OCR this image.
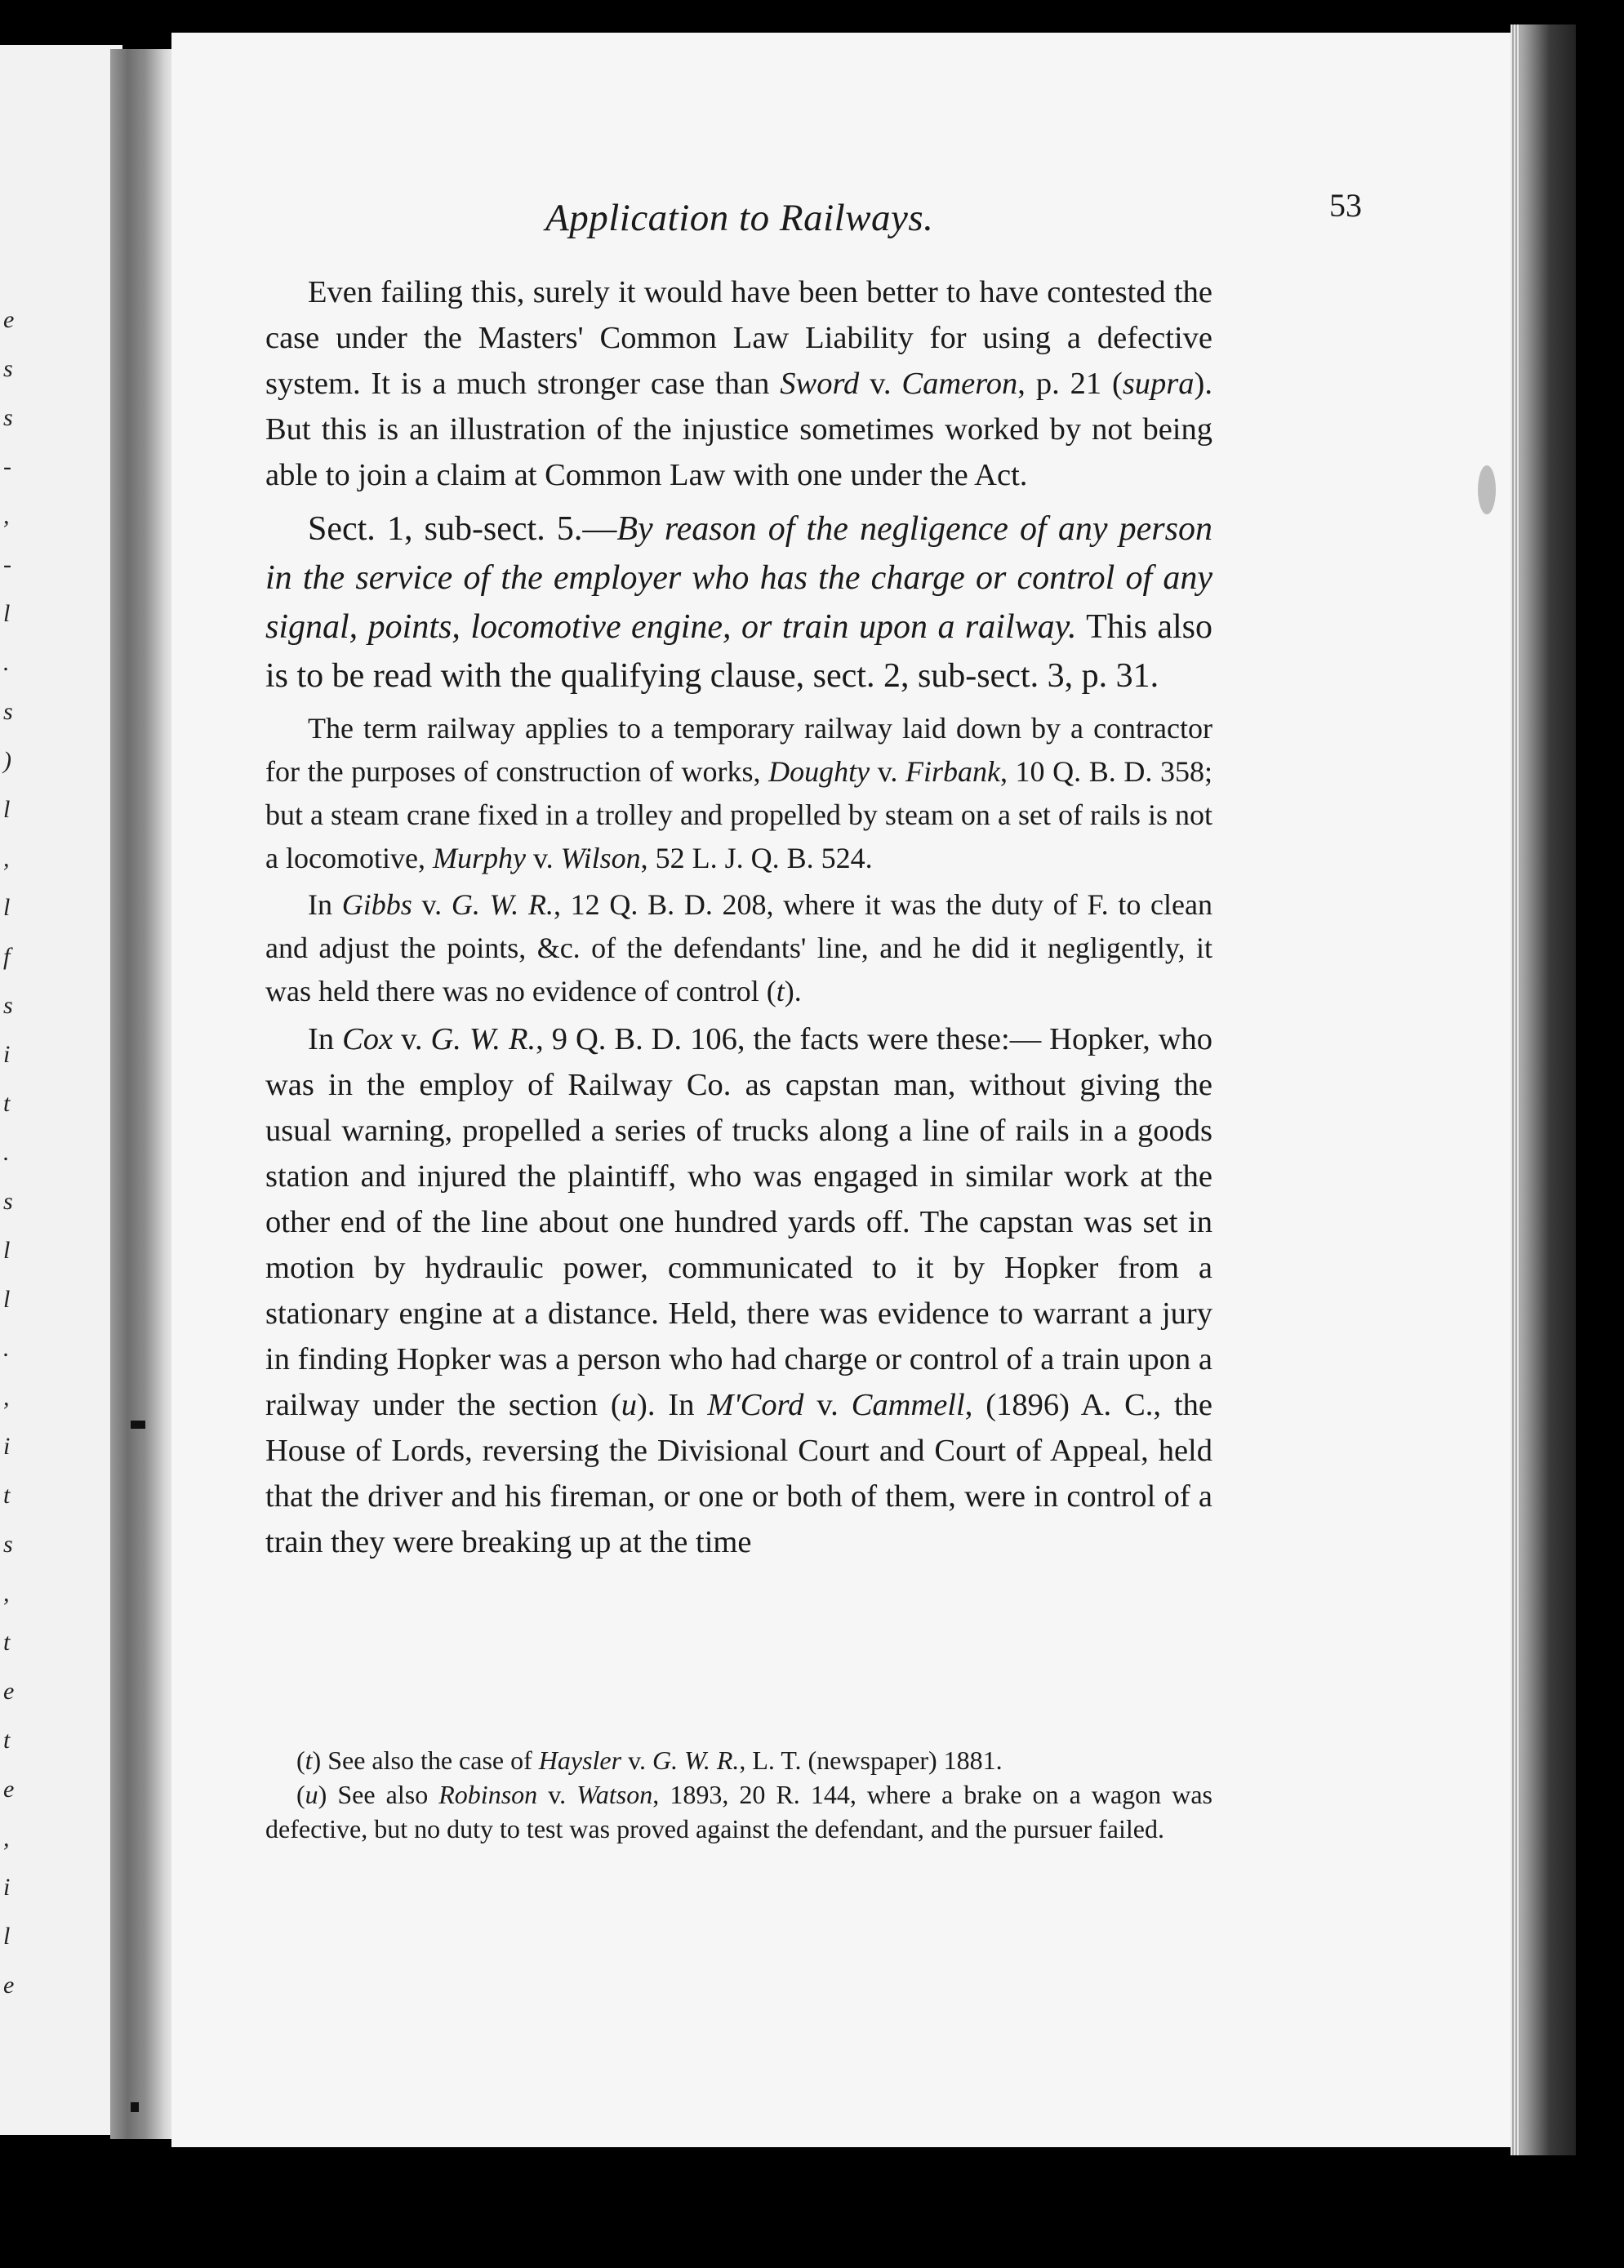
e
s
s
-
,
-
l
.
s
)
l
,
l
f
s
i
t
.
s
l
l
.
,
i
t
s
,
t
e
t
e
,
i
l
e
Application to Railways.	53

Even failing this, surely it would have been better to have contested the case under the Masters' Common Law Liability for using a defective system. It is a much stronger case than Sword v. Cameron, p. 21 (supra). But this is an illustration of the injustice sometimes worked by not being able to join a claim at Common Law with one under the Act.

Sect. 1, sub-sect. 5.—By reason of the negligence of any person in the service of the employer who has the charge or control of any signal, points, locomotive engine, or train upon a railway. This also is to be read with the qualifying clause, sect. 2, sub-sect. 3, p. 31.

The term railway applies to a temporary railway laid down by a contractor for the purposes of construction of works, Doughty v. Firbank, 10 Q. B. D. 358; but a steam crane fixed in a trolley and propelled by steam on a set of rails is not a locomotive, Murphy v. Wilson, 52 L. J. Q. B. 524.

In Gibbs v. G. W. R., 12 Q. B. D. 208, where it was the duty of F. to clean and adjust the points, &c. of the defendants' line, and he did it negligently, it was held there was no evidence of control (t).

In Cox v. G. W. R., 9 Q. B. D. 106, the facts were these:— Hopker, who was in the employ of Railway Co. as capstan man, without giving the usual warning, propelled a series of trucks along a line of rails in a goods station and injured the plaintiff, who was engaged in similar work at the other end of the line about one hundred yards off. The capstan was set in motion by hydraulic power, communicated to it by Hopker from a stationary engine at a distance. Held, there was evidence to warrant a jury in finding Hopker was a person who had charge or control of a train upon a railway under the section (u). In M'Cord v. Cammell, (1896) A. C., the House of Lords, reversing the Divisional Court and Court of Appeal, held that the driver and his fireman, or one or both of them, were in control of a train they were breaking up at the time

(t) See also the case of Haysler v. G. W. R., L. T. (newspaper) 1881.

(u) See also Robinson v. Watson, 1893, 20 R. 144, where a brake on a wagon was defective, but no duty to test was proved against the defendant, and the pursuer failed.
